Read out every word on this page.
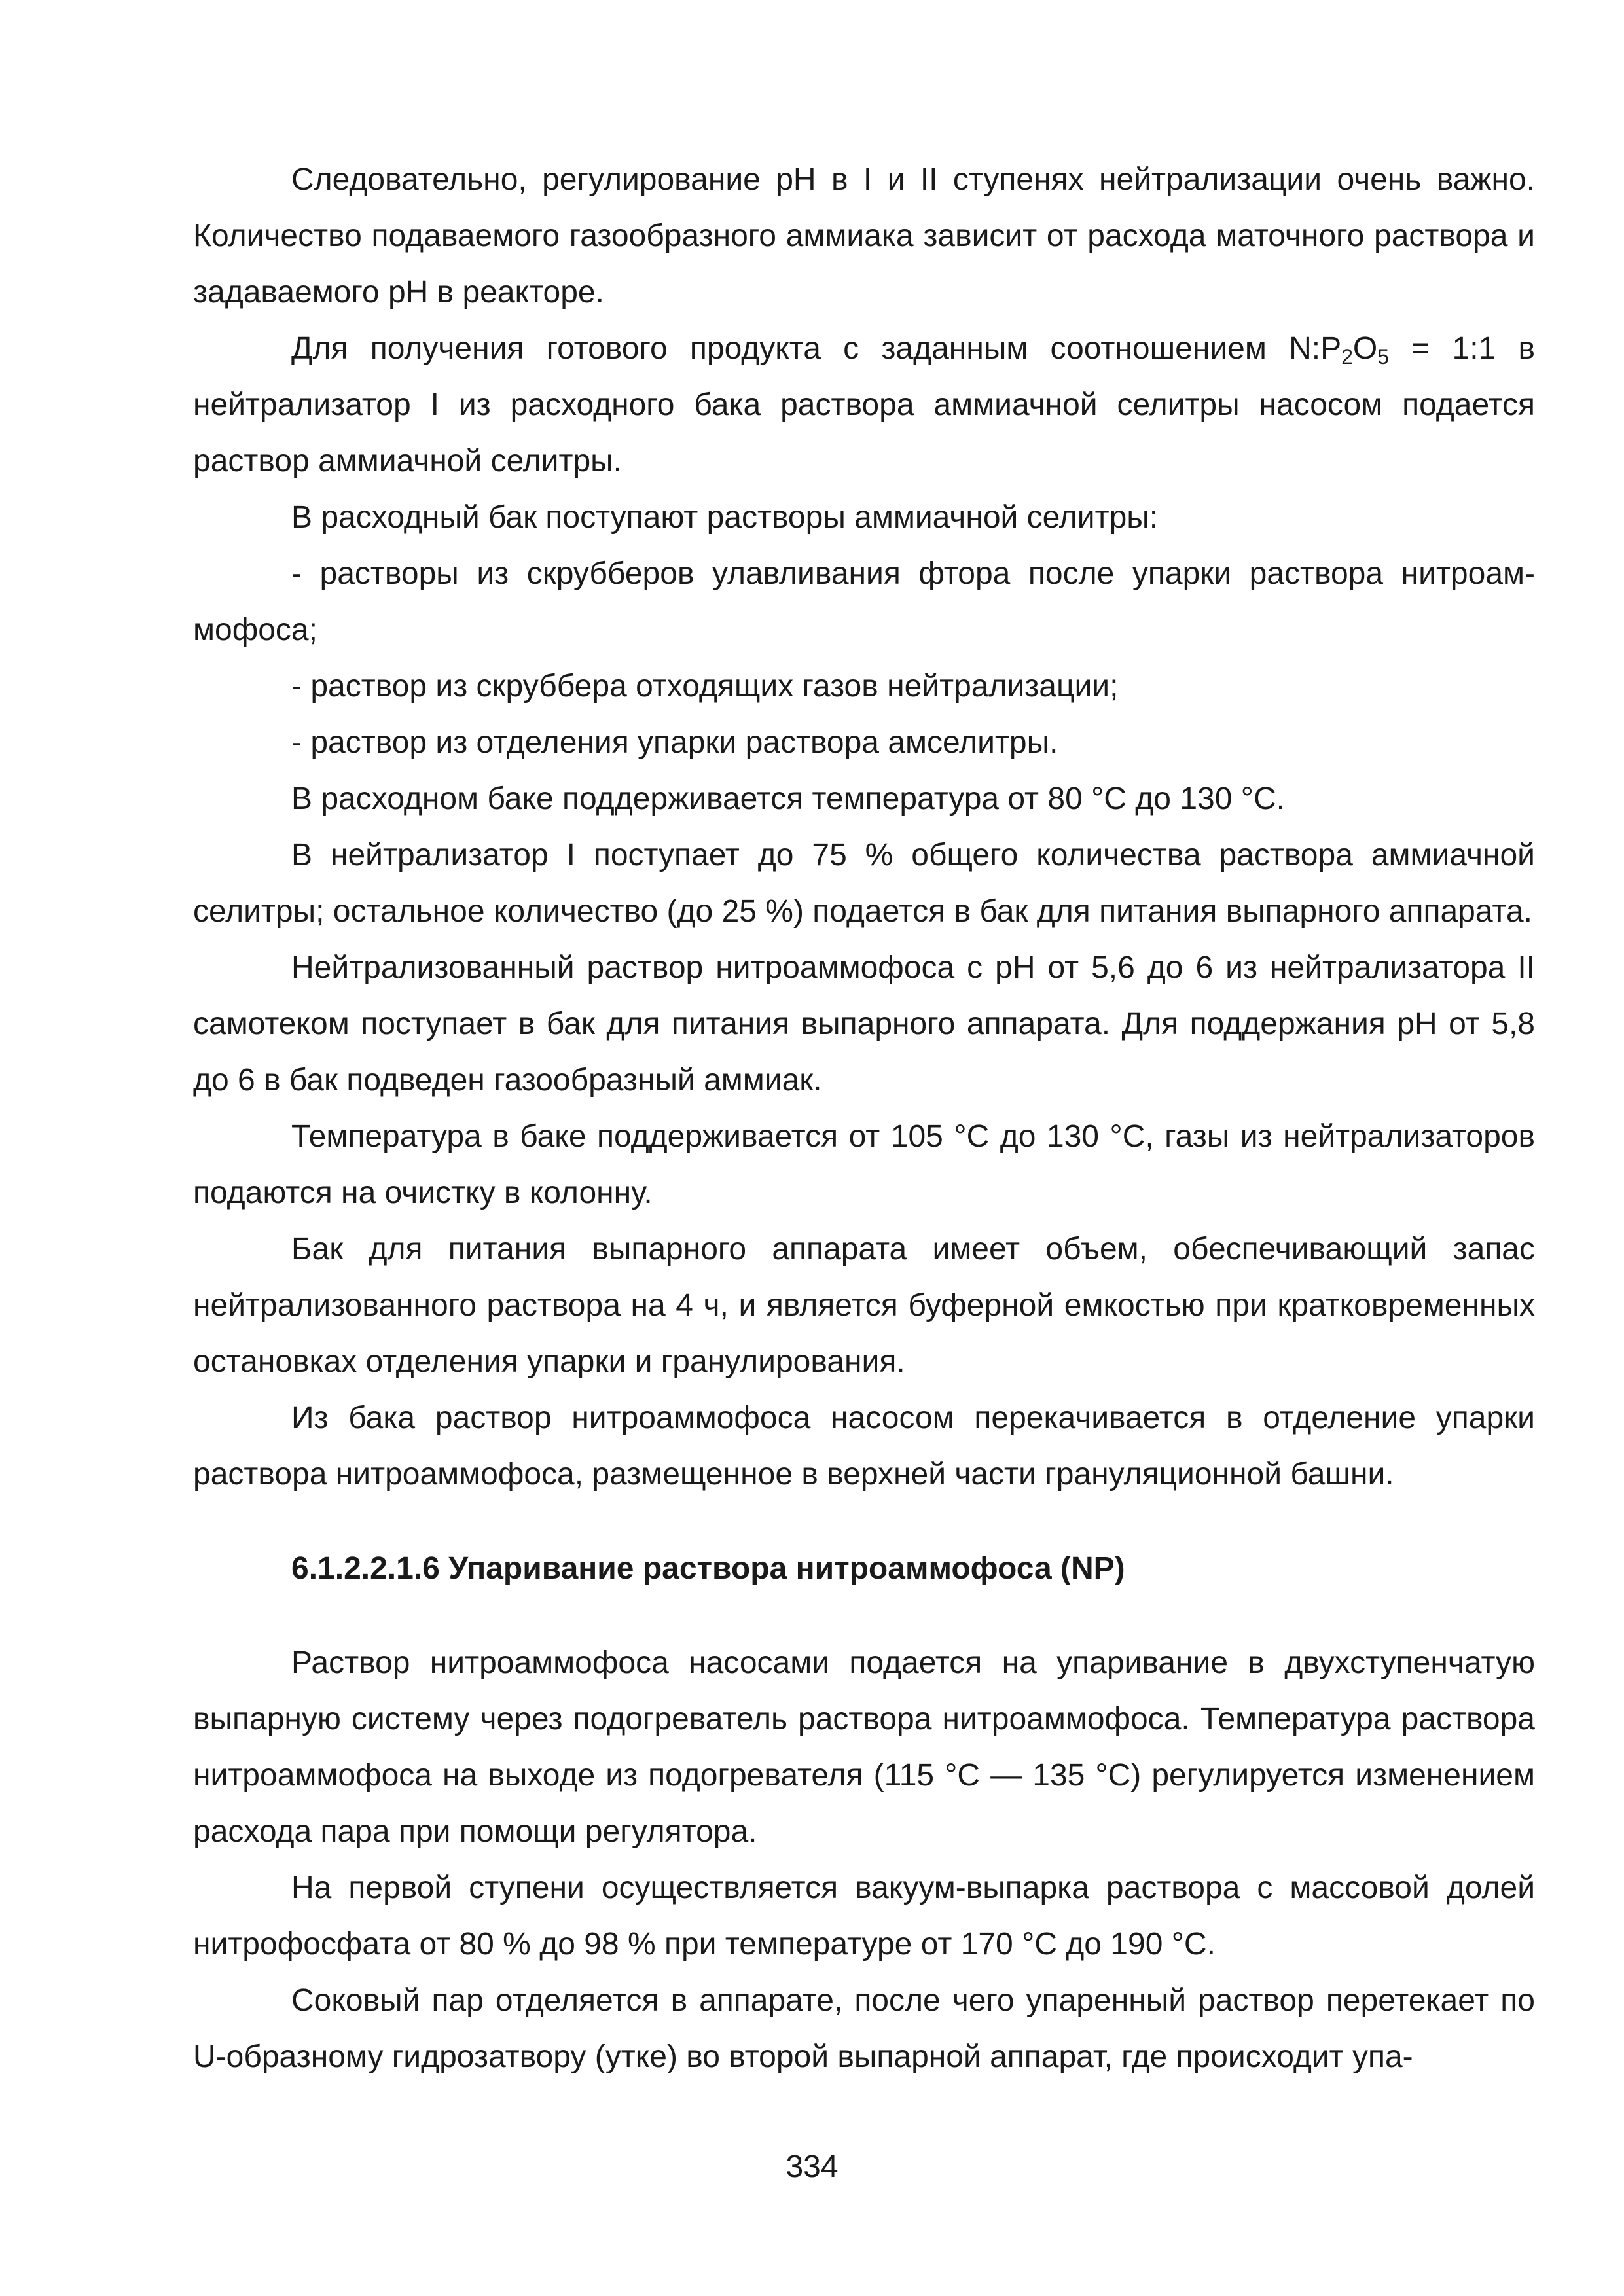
Следовательно, регулирование pH в I и II ступенях нейтрализации очень важно. Количество подаваемого газообразного аммиака зависит от расхода маточного раствора и задаваемого pH в реакторе.

Для получения готового продукта с заданным соотношением $N:P_2O_5$ = 1:1 в нейтрализатор I из расходного бака раствора аммиачной селитры насосом подается раствор аммиачной селитры.

В расходный бак поступают растворы аммиачной селитры:

- растворы из скрубберов улавливания фтора после упарки раствора нитроаммофоса;

- раствор из скруббера отходящих газов нейтрализации;

- раствор из отделения упарки раствора амселитры.

В расходном баке поддерживается температура от 80 °C до 130 °C.

В нейтрализатор I поступает до 75 % общего количества раствора аммиачной селитры; остальное количество (до 25 %) подается в бак для питания выпарного аппарата.

Нейтрализованный раствор нитроаммофоса с pH от 5,6 до 6 из нейтрализатора II самотеком поступает в бак для питания выпарного аппарата. Для поддержания pH от 5,8 до 6 в бак подведен газообразный аммиак.

Температура в баке поддерживается от 105 °C до 130 °C, газы из нейтрализаторов подаются на очистку в колонну.

Бак для питания выпарного аппарата имеет объем, обеспечивающий запас нейтрализованного раствора на 4 ч, и является буферной емкостью при кратковременных остановках отделения упарки и гранулирования.

Из бака раствор нитроаммофоса насосом перекачивается в отделение упарки раствора нитроаммофоса, размещенное в верхней части грануляционной башни.

6.1.2.2.1.6 Упаривание раствора нитроаммофоса (NP)

Раствор нитроаммофоса насосами подается на упаривание в двухступенчатую выпарную систему через подогреватель раствора нитроаммофоса. Температура раствора нитроаммофоса на выходе из подогревателя (115 °C — 135 °C) регулируется изменением расхода пара при помощи регулятора.

На первой ступени осуществляется вакуум-выпарка раствора с массовой долей нитрофосфата от 80 % до 98 % при температуре от 170 °C до 190 °C.

Соковый пар отделяется в аппарате, после чего упаренный раствор перетекает по U-образному гидрозатвору (утке) во второй выпарной аппарат, где происходит упа-

334
